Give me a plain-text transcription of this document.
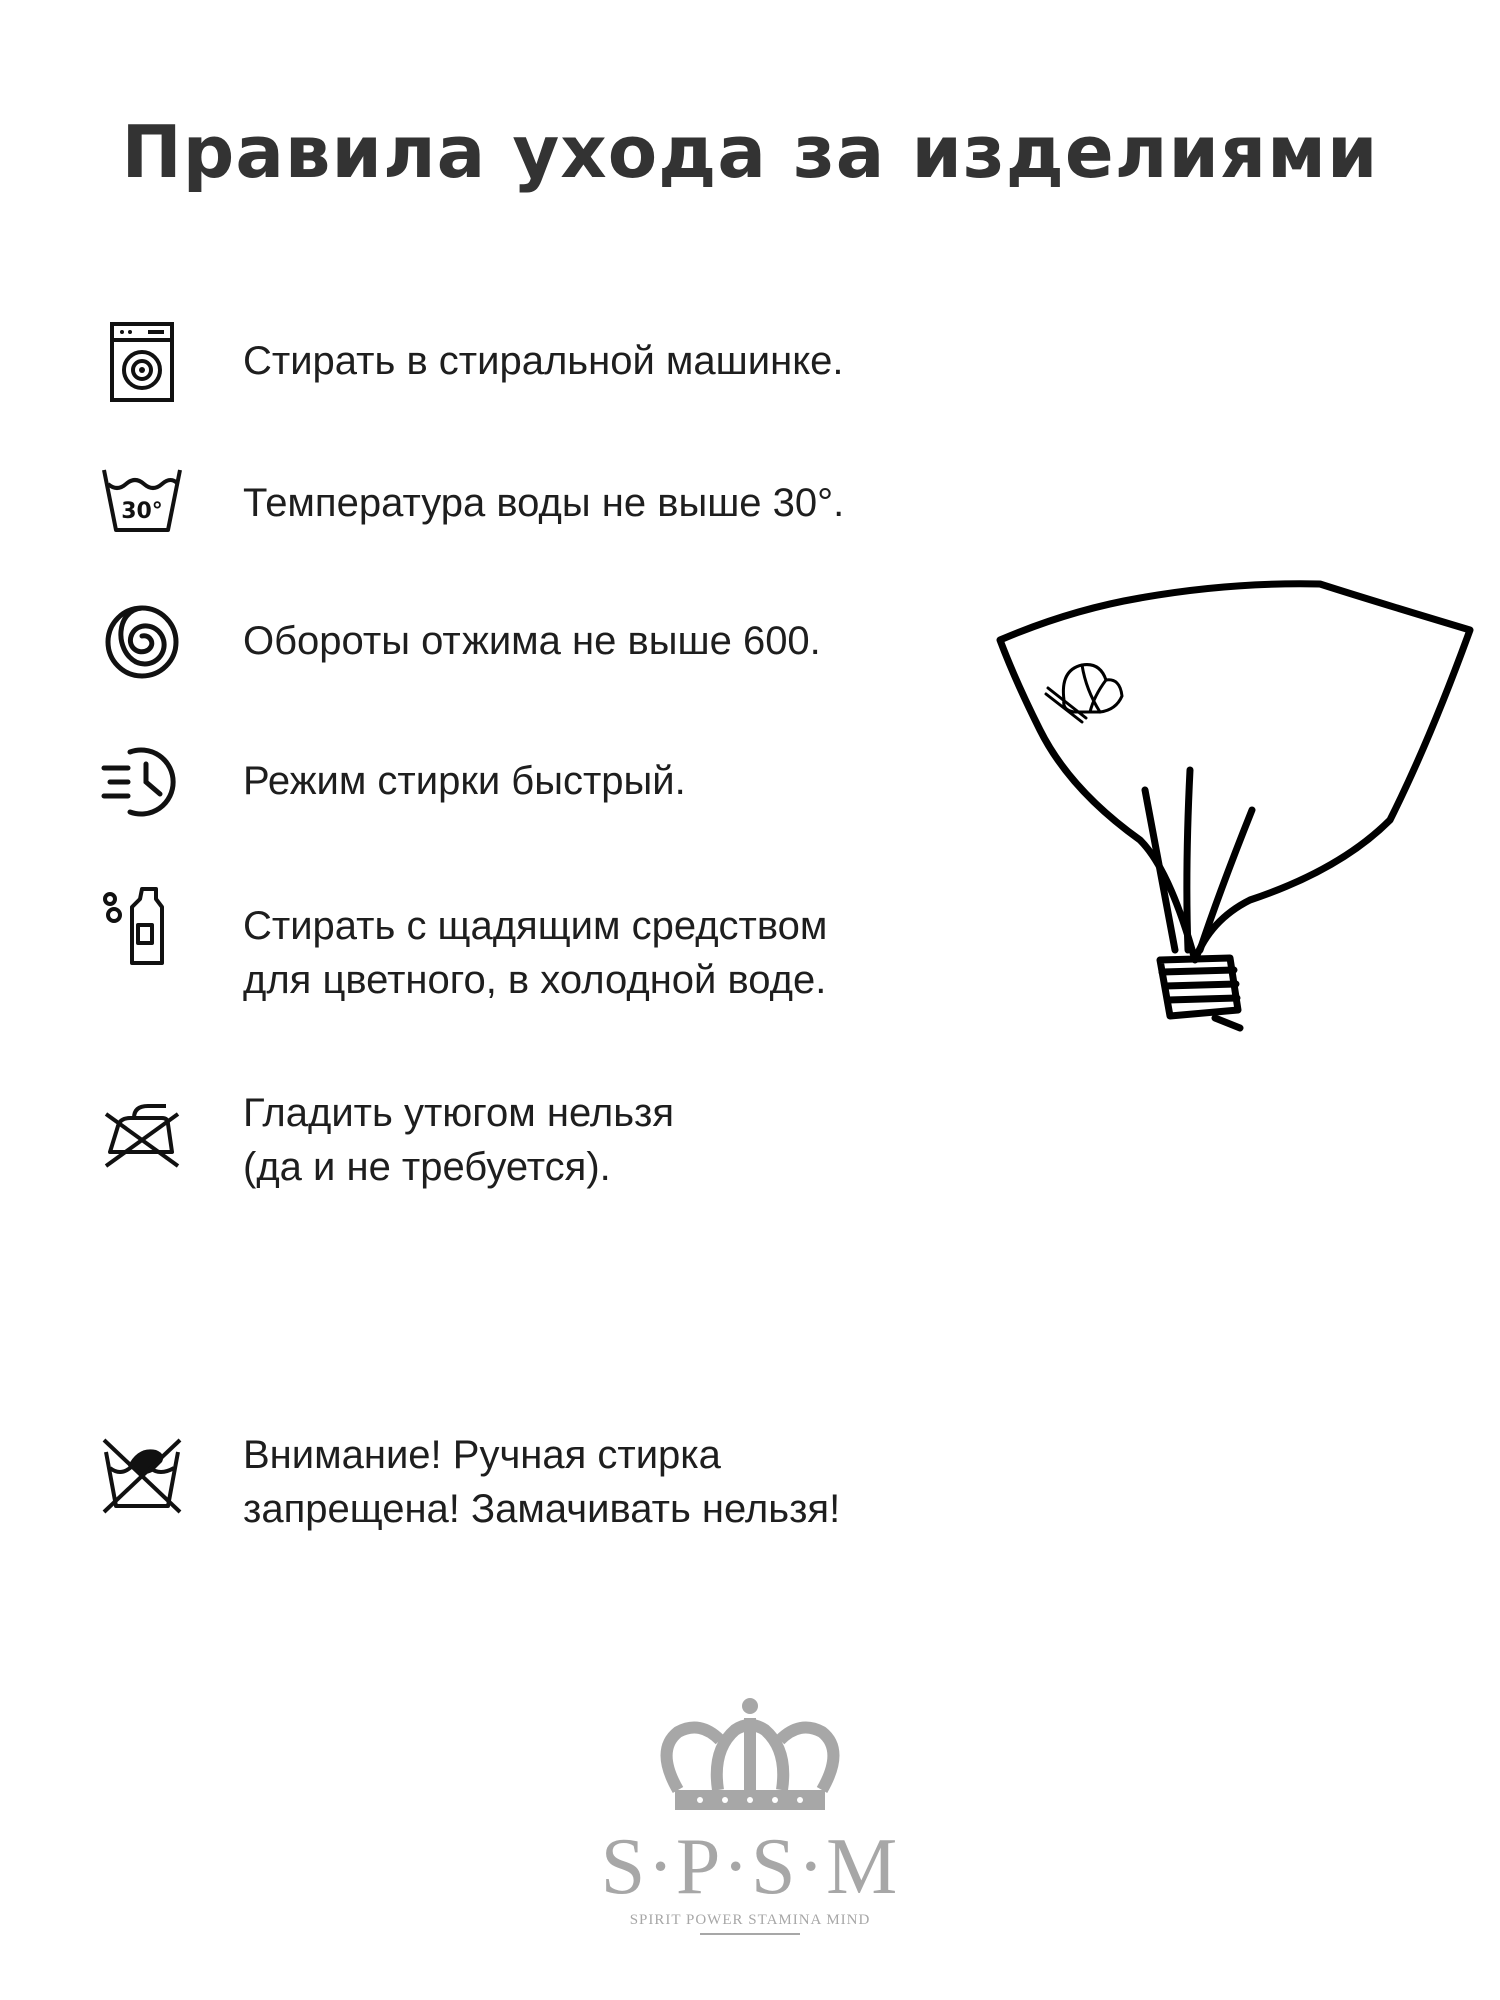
Правила ухода за изделиями
Стирать в стиральной машинке.
30° Температура воды не выше 30°.
Обороты отжима не выше 600.
Режим стирки быстрый.
Стирать с щадящим средством
для цветного, в холодной воде.
Гладить утюгом нельзя
(да и не требуется).
Внимание! Ручная стирка
запрещена! Замачивать нельзя!
S·P·S·M
SPIRIT POWER STAMINA MIND
